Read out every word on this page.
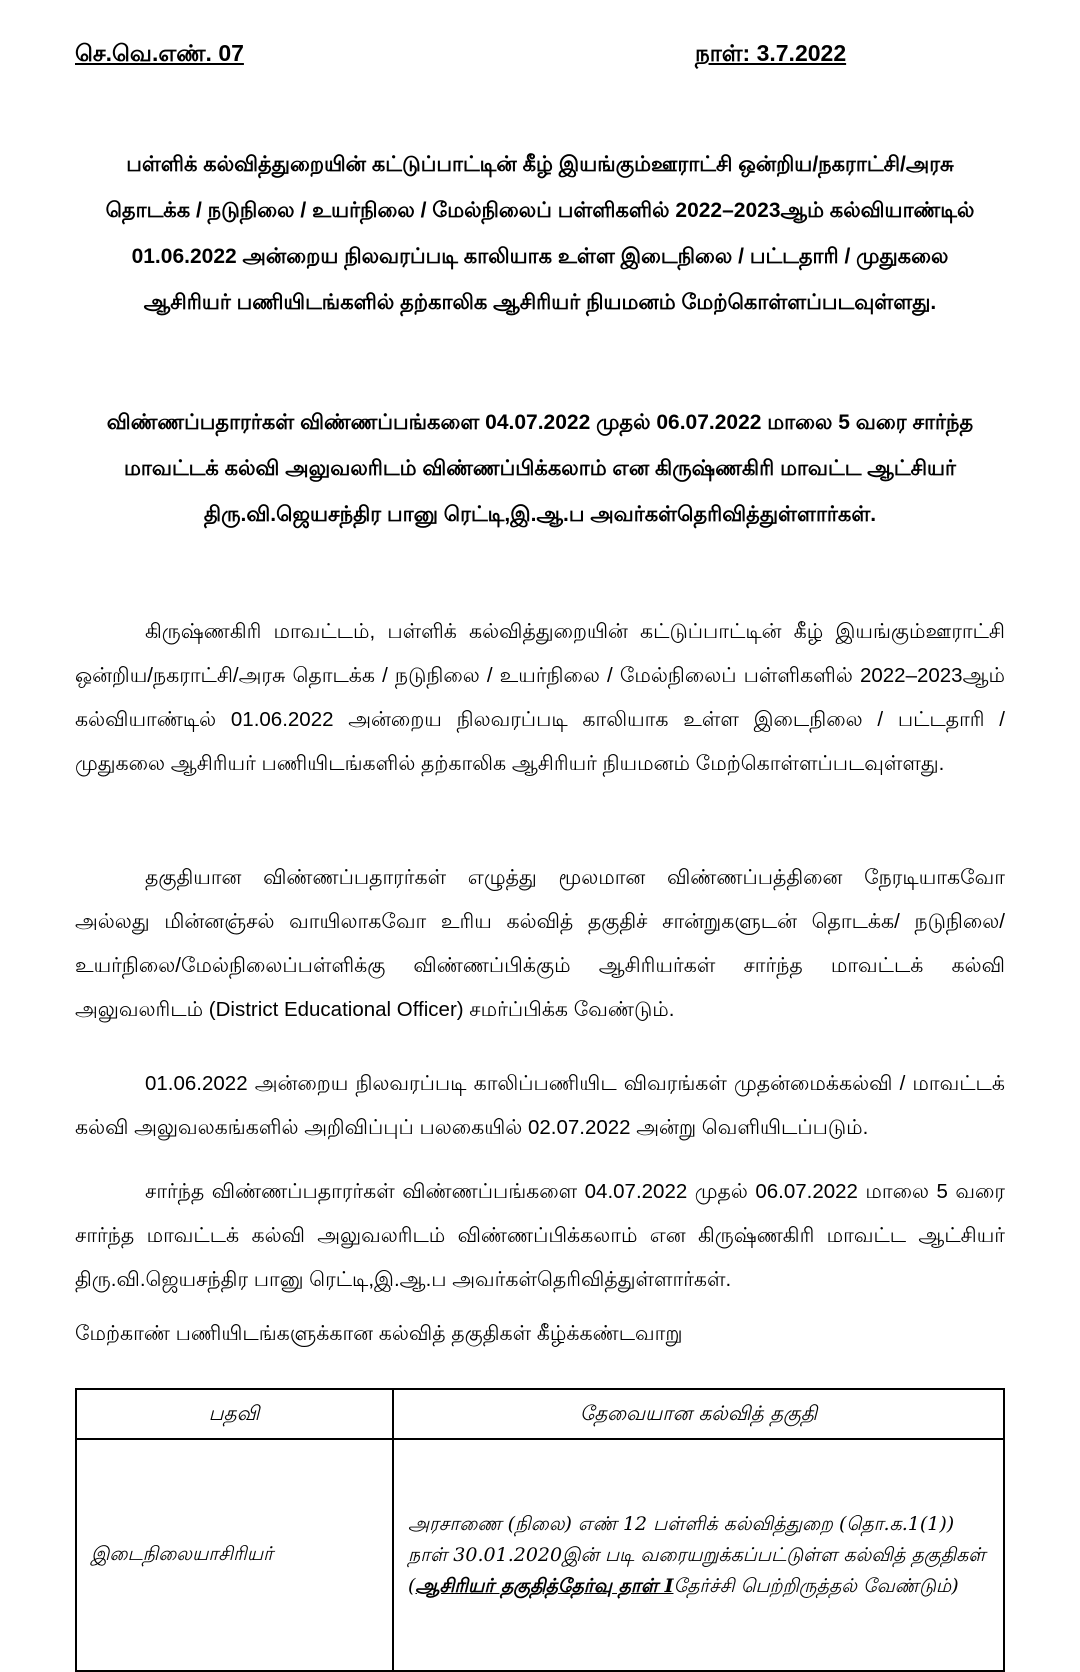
செ.வெ.எண். 07	நாள்: 3.7.2022
பள்ளிக் கல்வித்துறையின் கட்டுப்பாட்டின் கீழ் இயங்கும்ஊராட்சி ஒன்றிய/நகராட்சி/அரசு
தொடக்க / நடுநிலை / உயர்நிலை / மேல்நிலைப் பள்ளிகளில் 2022–2023ஆம் கல்வியாண்டில்
01.06.2022 அன்றைய நிலவரப்படி காலியாக உள்ள இடைநிலை / பட்டதாரி / முதுகலை
ஆசிரியர் பணியிடங்களில் தற்காலிக ஆசிரியர் நியமனம் மேற்கொள்ளப்படவுள்ளது.
விண்ணப்பதாரர்கள் விண்ணப்பங்களை 04.07.2022 முதல் 06.07.2022 மாலை 5 வரை சார்ந்த
மாவட்டக் கல்வி அலுவலரிடம் விண்ணப்பிக்கலாம் என கிருஷ்ணகிரி மாவட்ட ஆட்சியர்
திரு.வி.ஜெயசந்திர பானு ரெட்டி,இ.ஆ.ப அவர்கள்தெரிவித்துள்ளார்கள்.
கிருஷ்ணகிரி மாவட்டம், பள்ளிக் கல்வித்துறையின் கட்டுப்பாட்டின் கீழ் இயங்கும்ஊராட்சி ஒன்றிய/நகராட்சி/அரசு தொடக்க / நடுநிலை / உயர்நிலை / மேல்நிலைப் பள்ளிகளில் 2022–2023ஆம் கல்வியாண்டில் 01.06.2022 அன்றைய நிலவரப்படி காலியாக உள்ள இடைநிலை / பட்டதாரி / முதுகலை ஆசிரியர் பணியிடங்களில் தற்காலிக ஆசிரியர் நியமனம் மேற்கொள்ளப்படவுள்ளது.
தகுதியான விண்ணப்பதாரர்கள் எழுத்து மூலமான விண்ணப்பத்தினை நேரடியாகவோ அல்லது மின்னஞ்சல் வாயிலாகவோ உரிய கல்வித் தகுதிச் சான்றுகளுடன் தொடக்க/ நடுநிலை/உயர்நிலை/மேல்நிலைப்பள்ளிக்கு விண்ணப்பிக்கும் ஆசிரியர்கள் சார்ந்த மாவட்டக் கல்வி அலுவலரிடம் (District Educational Officer) சமர்ப்பிக்க வேண்டும்.
01.06.2022 அன்றைய நிலவரப்படி காலிப்பணியிட விவரங்கள் முதன்மைக்கல்வி / மாவட்டக் கல்வி அலுவலகங்களில் அறிவிப்புப் பலகையில் 02.07.2022 அன்று வெளியிடப்படும்.
சார்ந்த விண்ணப்பதாரர்கள் விண்ணப்பங்களை 04.07.2022 முதல் 06.07.2022 மாலை 5 வரை சார்ந்த மாவட்டக் கல்வி அலுவலரிடம் விண்ணப்பிக்கலாம் என கிருஷ்ணகிரி மாவட்ட ஆட்சியர் திரு.வி.ஜெயசந்திர பானு ரெட்டி,இ.ஆ.ப அவர்கள்தெரிவித்துள்ளார்கள்.
மேற்காண் பணியிடங்களுக்கான கல்வித் தகுதிகள் கீழ்க்கண்டவாறு
பதவி	தேவையான கல்வித் தகுதி
இடைநிலையாசிரியர்	அரசாணை (நிலை) எண் 12 பள்ளிக் கல்வித்துறை (தொ.க.1(1)) நாள் 30.01.2020இன் படி வரையறுக்கப்பட்டுள்ள கல்வித் தகுதிகள் (ஆசிரியர் தகுதித்தேர்வு தாள் Iதேர்ச்சி பெற்றிருத்தல் வேண்டும்)
